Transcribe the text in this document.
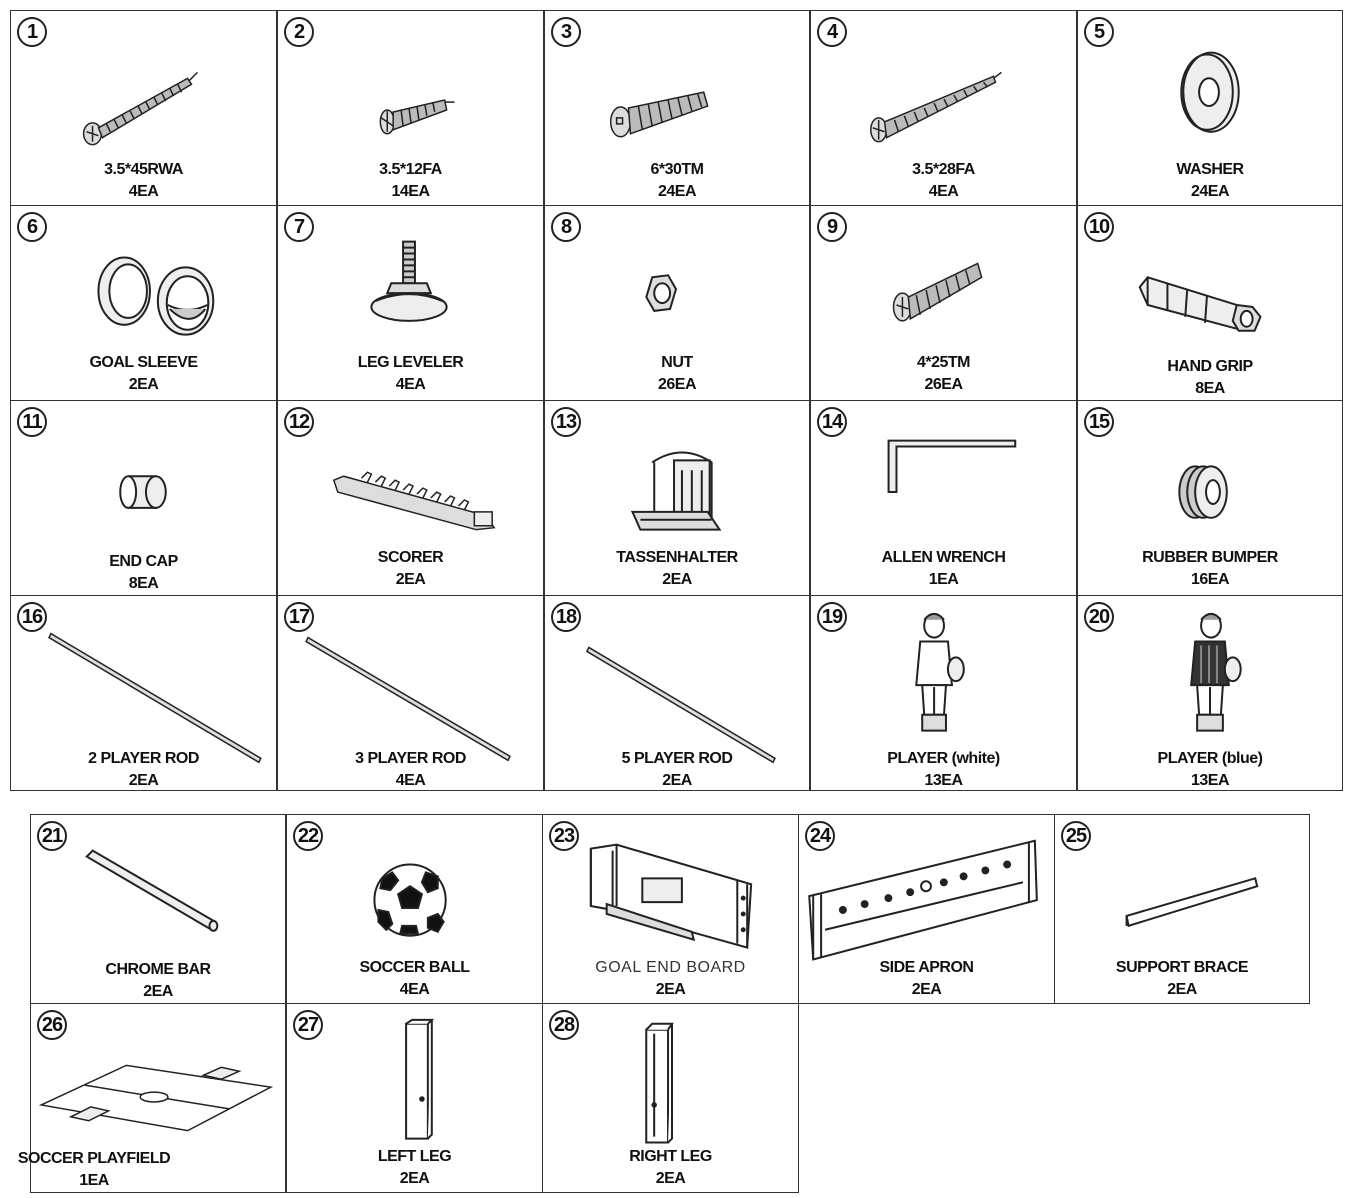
1
3.5*45RWA
4EA
2
3.5*12FA
14EA
3
6*30TM
24EA
4
3.5*28FA
4EA
5
WASHER
24EA
6
GOAL SLEEVE
2EA
7
LEG LEVELER
4EA
8
NUT
26EA
9
4*25TM
26EA
10
HAND GRIP
8EA
11
END CAP
8EA
12
SCORER
2EA
13
TASSENHALTER
2EA
14
ALLEN WRENCH
1EA
15
RUBBER BUMPER
16EA
16
2 PLAYER ROD
2EA
17
3 PLAYER ROD
4EA
18
5 PLAYER ROD
2EA
19
PLAYER (white)
13EA
20
PLAYER (blue)
13EA
21
CHROME BAR
2EA
22
SOCCER BALL
4EA
23
GOAL END BOARD
2EA
24
SIDE APRON
2EA
25
SUPPORT BRACE
2EA
26
SOCCER PLAYFIELD
1EA
27
LEFT LEG
2EA
28
RIGHT LEG
2EA
